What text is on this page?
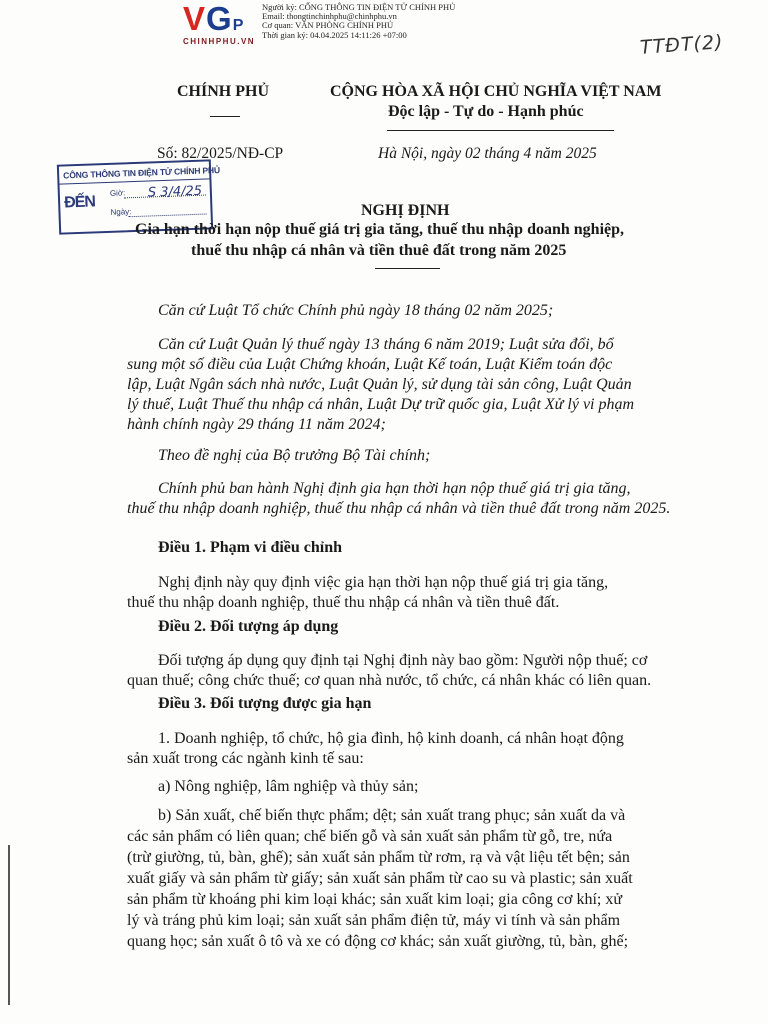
VGP
CHINHPHU.VN
Người ký: CỔNG THÔNG TIN ĐIỆN TỬ CHÍNH PHỦ
Email: thongtinchinhphu@chinhphu.vn
Cơ quan: VĂN PHÒNG CHÍNH PHỦ
Thời gian ký: 04.04.2025 14:11:26 +07:00	TTĐT(2)
CHÍNH PHỦ	CỘNG HÒA XÃ HỘI CHỦ NGHĨA VIỆT NAM
Độc lập - Tự do - Hạnh phúc
Số: 82/2025/NĐ-CP	Hà Nội, ngày 02 tháng 4 năm 2025
CÔNG THÔNG TIN ĐIỆN TỬ CHÍNH PHỦ
ĐẾN
Giờ:
Ngày:
S 3/4/25
NGHỊ ĐỊNH
Gia hạn thời hạn nộp thuế giá trị gia tăng, thuế thu nhập doanh nghiệp,
thuế thu nhập cá nhân và tiền thuê đất trong năm 2025
Căn cứ Luật Tổ chức Chính phủ ngày 18 tháng 02 năm 2025;
Căn cứ Luật Quản lý thuế ngày 13 tháng 6 năm 2019; Luật sửa đổi, bổ
sung một số điều của Luật Chứng khoán, Luật Kế toán, Luật Kiểm toán độc
lập, Luật Ngân sách nhà nước, Luật Quản lý, sử dụng tài sản công, Luật Quản
lý thuế, Luật Thuế thu nhập cá nhân, Luật Dự trữ quốc gia, Luật Xử lý vi phạm
hành chính ngày 29 tháng 11 năm 2024;
Theo đề nghị của Bộ trưởng Bộ Tài chính;
Chính phủ ban hành Nghị định gia hạn thời hạn nộp thuế giá trị gia tăng,
thuế thu nhập doanh nghiệp, thuế thu nhập cá nhân và tiền thuê đất trong năm 2025.
Điều 1. Phạm vi điều chỉnh
Nghị định này quy định việc gia hạn thời hạn nộp thuế giá trị gia tăng,
thuế thu nhập doanh nghiệp, thuế thu nhập cá nhân và tiền thuê đất.
Điều 2. Đối tượng áp dụng
Đối tượng áp dụng quy định tại Nghị định này bao gồm: Người nộp thuế; cơ
quan thuế; công chức thuế; cơ quan nhà nước, tổ chức, cá nhân khác có liên quan.
Điều 3. Đối tượng được gia hạn
1. Doanh nghiệp, tổ chức, hộ gia đình, hộ kinh doanh, cá nhân hoạt động
sản xuất trong các ngành kinh tế sau:
a) Nông nghiệp, lâm nghiệp và thủy sản;
b) Sản xuất, chế biến thực phẩm; dệt; sản xuất trang phục; sản xuất da và
các sản phẩm có liên quan; chế biến gỗ và sản xuất sản phẩm từ gỗ, tre, nứa
(trừ giường, tủ, bàn, ghế); sản xuất sản phẩm từ rơm, rạ và vật liệu tết bện; sản
xuất giấy và sản phẩm từ giấy; sản xuất sản phẩm từ cao su và plastic; sản xuất
sản phẩm từ khoáng phi kim loại khác; sản xuất kim loại; gia công cơ khí; xử
lý và tráng phủ kim loại; sản xuất sản phẩm điện tử, máy vi tính và sản phẩm
quang học; sản xuất ô tô và xe có động cơ khác; sản xuất giường, tủ, bàn, ghế;
